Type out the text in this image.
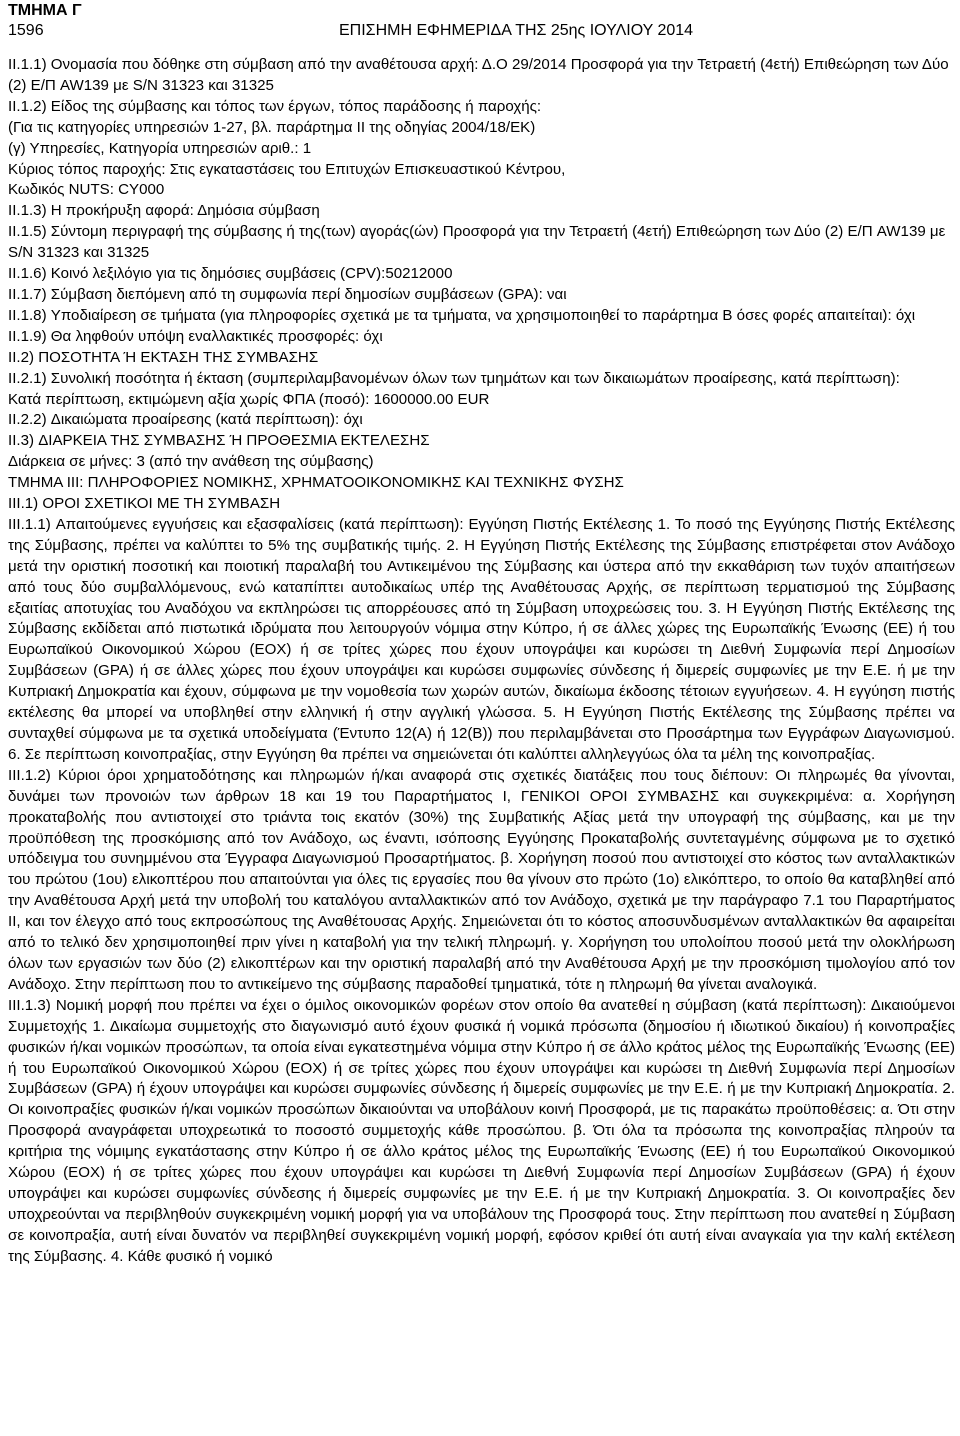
ΤΜΗΜΑ Γ
1596	ΕΠΙΣΗΜΗ ΕΦΗΜΕΡΙΔΑ ΤΗΣ 25ης ΙΟΥΛΙΟΥ 2014

II.1.1) Ονομασία που δόθηκε στη σύμβαση από την αναθέτουσα αρχή: Δ.Ο 29/2014 Προσφορά για την Τετραετή (4ετή) Επιθεώρηση των Δύο (2) Ε/Π AW139 με S/N 31323 και 31325

II.1.2) Είδος της σύμβασης και τόπος των έργων, τόπος παράδοσης ή παροχής:

(Για τις κατηγορίες υπηρεσιών 1-27, βλ. παράρτημα II της οδηγίας 2004/18/ΕΚ)

(γ) Υπηρεσίες, Κατηγορία υπηρεσιών αριθ.: 1

Κύριος τόπος παροχής: Στις εγκαταστάσεις του Επιτυχών Επισκευαστικού Κέντρου,

Κωδικός NUTS: CY000

II.1.3) Η προκήρυξη αφορά: Δημόσια σύμβαση

II.1.5) Σύντομη περιγραφή της σύμβασης ή της(των) αγοράς(ών) Προσφορά για την Τετραετή (4ετή) Επιθεώρηση των Δύο (2) Ε/Π AW139 με S/N 31323 και 31325

II.1.6) Κοινό λεξιλόγιο για τις δημόσιες συμβάσεις (CPV):50212000

II.1.7) Σύμβαση διεπόμενη από τη συμφωνία περί δημοσίων συμβάσεων (GPA): ναι

II.1.8) Υποδιαίρεση σε τμήματα (για πληροφορίες σχετικά με τα τμήματα, να χρησιμοποιηθεί το παράρτημα Β όσες φορές απαιτείται): όχι

II.1.9) Θα ληφθούν υπόψη εναλλακτικές προσφορές: όχι

II.2) ΠΟΣΟΤΗΤΑ Ή ΕΚΤΑΣΗ ΤΗΣ ΣΥΜΒΑΣΗΣ

II.2.1) Συνολική ποσότητα ή έκταση (συμπεριλαμβανομένων όλων των τμημάτων και των δικαιωμάτων προαίρεσης, κατά περίπτωση):

Κατά περίπτωση, εκτιμώμενη αξία χωρίς ΦΠΑ (ποσό): 1600000.00 EUR

II.2.2) Δικαιώματα προαίρεσης (κατά περίπτωση): όχι

II.3) ΔΙΑΡΚΕΙΑ ΤΗΣ ΣΥΜΒΑΣΗΣ Ή ΠΡΟΘΕΣΜΙΑ ΕΚΤΕΛΕΣΗΣ

Διάρκεια σε μήνες: 3 (από την ανάθεση της σύμβασης)

ΤΜΗΜΑ III: ΠΛΗΡΟΦΟΡΙΕΣ ΝΟΜΙΚΗΣ, ΧΡΗΜΑΤΟΟΙΚΟΝΟΜΙΚΗΣ ΚΑΙ ΤΕΧΝΙΚΗΣ ΦΥΣΗΣ

III.1) ΟΡΟΙ ΣΧΕΤΙΚΟΙ ΜΕ ΤΗ ΣΥΜΒΑΣΗ

III.1.1) Απαιτούμενες εγγυήσεις και εξασφαλίσεις (κατά περίπτωση): Εγγύηση Πιστής Εκτέλεσης 1. Το ποσό της Εγγύησης Πιστής Εκτέλεσης της Σύμβασης, πρέπει να καλύπτει το 5% της συμβατικής τιμής. 2. Η Εγγύηση Πιστής Εκτέλεσης της Σύμβασης επιστρέφεται στον Ανάδοχο μετά την οριστική ποσοτική και ποιοτική παραλαβή του Αντικειμένου της Σύμβασης και ύστερα από την εκκαθάριση των τυχόν απαιτήσεων από τους δύο συμβαλλόμενους, ενώ καταπίπτει αυτοδικαίως υπέρ της Αναθέτουσας Αρχής, σε περίπτωση τερματισμού της Σύμβασης εξαιτίας αποτυχίας του Αναδόχου να εκπληρώσει τις απορρέουσες από τη Σύμβαση υποχρεώσεις του. 3. Η Εγγύηση Πιστής Εκτέλεσης της Σύμβασης εκδίδεται από πιστωτικά ιδρύματα που λειτουργούν νόμιμα στην Κύπρο, ή σε άλλες χώρες της Ευρωπαϊκής Ένωσης (ΕΕ) ή του Ευρωπαϊκού Οικονομικού Χώρου (ΕΟΧ) ή σε τρίτες χώρες που έχουν υπογράψει και κυρώσει τη Διεθνή Συμφωνία περί Δημοσίων Συμβάσεων (GPA) ή σε άλλες χώρες που έχουν υπογράψει και κυρώσει συμφωνίες σύνδεσης ή διμερείς συμφωνίες με την Ε.Ε. ή με την Κυπριακή Δημοκρατία και έχουν, σύμφωνα με την νομοθεσία των χωρών αυτών, δικαίωμα έκδοσης τέτοιων εγγυήσεων. 4. Η εγγύηση πιστής εκτέλεσης θα μπορεί να υποβληθεί στην ελληνική ή στην αγγλική γλώσσα. 5. Η Εγγύηση Πιστής Εκτέλεσης της Σύμβασης πρέπει να συνταχθεί σύμφωνα με τα σχετικά υποδείγματα (Έντυπο 12(Α) ή 12(Β)) που περιλαμβάνεται στο Προσάρτημα των Εγγράφων Διαγωνισμού. 6. Σε περίπτωση κοινοπραξίας, στην Εγγύηση θα πρέπει να σημειώνεται ότι καλύπτει αλληλεγγύως όλα τα μέλη της κοινοπραξίας.

III.1.2) Κύριοι όροι χρηματοδότησης και πληρωμών ή/και αναφορά στις σχετικές διατάξεις που τους διέπουν: Οι πληρωμές θα γίνονται, δυνάμει των προνοιών των άρθρων 18 και 19 του Παραρτήματος Ι, ΓΕΝΙΚΟΙ ΟΡΟΙ ΣΥΜΒΑΣΗΣ και συγκεκριμένα: α. Χορήγηση προκαταβολής που αντιστοιχεί στο τριάντα τοις εκατόν (30%) της Συμβατικής Αξίας μετά την υπογραφή της σύμβασης, και με την προϋπόθεση της προσκόμισης από τον Ανάδοχο, ως έναντι, ισόποσης Εγγύησης Προκαταβολής συντεταγμένης σύμφωνα με το σχετικό υπόδειγμα του συνημμένου στα Έγγραφα Διαγωνισμού Προσαρτήματος. β. Χορήγηση ποσού που αντιστοιχεί στο κόστος των ανταλλακτικών του πρώτου (1ου) ελικοπτέρου που απαιτούνται για όλες τις εργασίες που θα γίνουν στο πρώτο (1ο) ελικόπτερο, το οποίο θα καταβληθεί από την Αναθέτουσα Αρχή μετά την υποβολή του καταλόγου ανταλλακτικών από τον Ανάδοχο, σχετικά με την παράγραφο 7.1 του Παραρτήματος ΙΙ, και τον έλεγχο από τους εκπροσώπους της Αναθέτουσας Αρχής. Σημειώνεται ότι το κόστος αποσυνδυσμένων ανταλλακτικών θα αφαιρείται από το τελικό δεν χρησιμοποιηθεί πριν γίνει η καταβολή για την τελική πληρωμή. γ. Χορήγηση του υπολοίπου ποσού μετά την ολοκλήρωση όλων των εργασιών των δύο (2) ελικοπτέρων και την οριστική παραλαβή από την Αναθέτουσα Αρχή με την προσκόμιση τιμολογίου από τον Ανάδοχο. Στην περίπτωση που το αντικείμενο της σύμβασης παραδοθεί τμηματικά, τότε η πληρωμή θα γίνεται αναλογικά.

III.1.3) Νομική μορφή που πρέπει να έχει ο όμιλος οικονομικών φορέων στον οποίο θα ανατεθεί η σύμβαση (κατά περίπτωση): Δικαιούμενοι Συμμετοχής 1. Δικαίωμα συμμετοχής στο διαγωνισμό αυτό έχουν φυσικά ή νομικά πρόσωπα (δημοσίου ή ιδιωτικού δικαίου) ή κοινοπραξίες φυσικών ή/και νομικών προσώπων, τα οποία είναι εγκατεστημένα νόμιμα στην Κύπρο ή σε άλλο κράτος μέλος της Ευρωπαϊκής Ένωσης (ΕΕ) ή του Ευρωπαϊκού Οικονομικού Χώρου (ΕΟΧ) ή σε τρίτες χώρες που έχουν υπογράψει και κυρώσει τη Διεθνή Συμφωνία περί Δημοσίων Συμβάσεων (GPA) ή έχουν υπογράψει και κυρώσει συμφωνίες σύνδεσης ή διμερείς συμφωνίες με την Ε.Ε. ή με την Κυπριακή Δημοκρατία. 2. Οι κοινοπραξίες φυσικών ή/και νομικών προσώπων δικαιούνται να υποβάλουν κοινή Προσφορά, με τις παρακάτω προϋποθέσεις: α. Ότι στην Προσφορά αναγράφεται υποχρεωτικά το ποσοστό συμμετοχής κάθε προσώπου. β. Ότι όλα τα πρόσωπα της κοινοπραξίας πληρούν τα κριτήρια της νόμιμης εγκατάστασης στην Κύπρο ή σε άλλο κράτος μέλος της Ευρωπαϊκής Ένωσης (ΕΕ) ή του Ευρωπαϊκού Οικονομικού Χώρου (ΕΟΧ) ή σε τρίτες χώρες που έχουν υπογράψει και κυρώσει τη Διεθνή Συμφωνία περί Δημοσίων Συμβάσεων (GPA) ή έχουν υπογράψει και κυρώσει συμφωνίες σύνδεσης ή διμερείς συμφωνίες με την Ε.Ε. ή με την Κυπριακή Δημοκρατία. 3. Οι κοινοπραξίες δεν υποχρεούνται να περιβληθούν συγκεκριμένη νομική μορφή για να υποβάλουν της Προσφορά τους. Στην περίπτωση που ανατεθεί η Σύμβαση σε κοινοπραξία, αυτή είναι δυνατόν να περιβληθεί συγκεκριμένη νομική μορφή, εφόσον κριθεί ότι αυτή είναι αναγκαία για την καλή εκτέλεση της Σύμβασης. 4. Κάθε φυσικό ή νομικό
